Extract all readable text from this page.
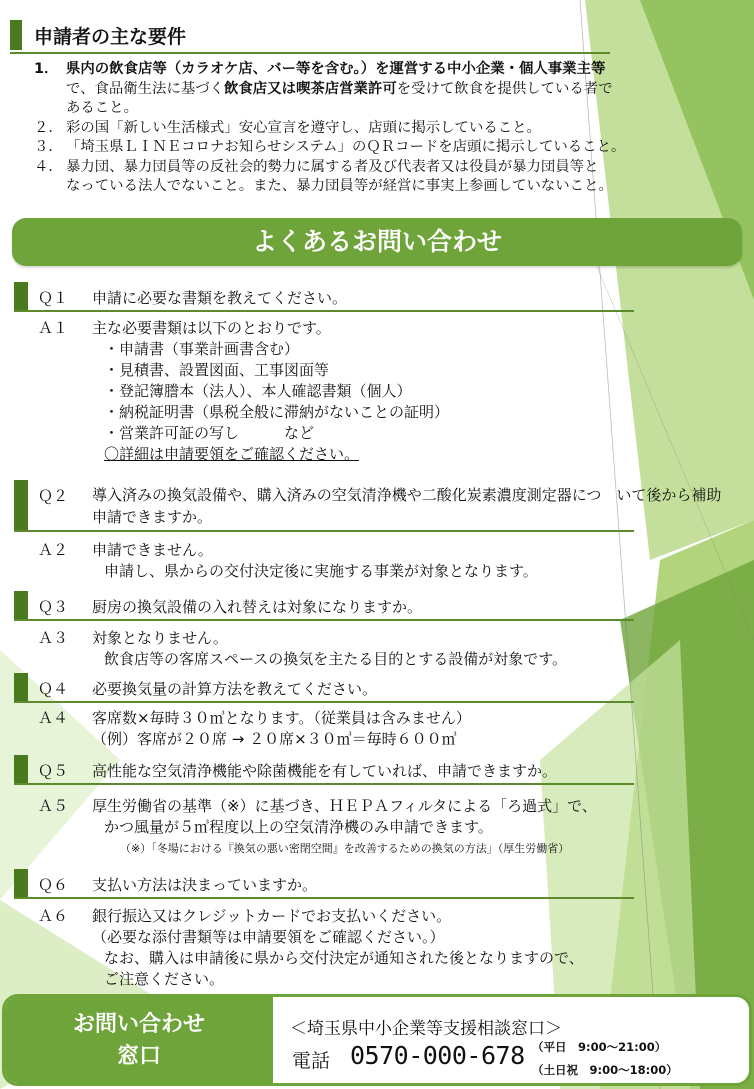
申請者の主な要件
1． 県内の飲食店等（カラオケ店、バー等を含む。）を運営する中小企業・個人事業主等
で、食品衛生法に基づく飲食店又は喫茶店営業許可を受けて飲食を提供している者で
あること。
２． 彩の国「新しい生活様式」安心宣言を遵守し、店頭に掲示していること。
３． 「埼玉県ＬＩＮＥコロナお知らせシステム」のＱＲコードを店頭に掲示していること。
４． 暴力団、暴力団員等の反社会的勢力に属する者及び代表者又は役員が暴力団員等と
なっている法人でないこと。また、暴力団員等が経営に事実上参画していないこと。
よくあるお問い合わせ
Ｑ１	申請に必要な書類を教えてください。
Ａ１	主な必要書類は以下のとおりです。
・申請書（事業計画書含む）
・見積書、設置図面、工事図面等
・登記簿謄本（法人）、本人確認書類（個人）
・納税証明書（県税全般に滞納がないことの証明）
・営業許可証の写し　　　など
〇詳細は申請要領をご確認ください。
Ｑ２	導入済みの換気設備や、購入済みの空気清浄機や二酸化炭素濃度測定器につ　いて後から補助申請できますか。
Ａ２	申請できません。
申請し、県からの交付決定後に実施する事業が対象となります。
Ｑ３	厨房の換気設備の入れ替えは対象になりますか。
Ａ３	対象となりません。
飲食店等の客席スペースの換気を主たる目的とする設備が対象です。
Ｑ４	必要換気量の計算方法を教えてください。
Ａ４	客席数×毎時３０㎥となります。（従業員は含みません）
（例）客席が２０席 → ２０席×３０㎥＝毎時６００㎥
Ｑ５	高性能な空気清浄機能や除菌機能を有していれば、申請できますか。
Ａ５	厚生労働省の基準（※）に基づき、ＨＥＰＡフィルタによる「ろ過式」で、
かつ風量が５㎥程度以上の空気清浄機のみ申請できます。
（※）「冬場における『換気の悪い密閉空間』を改善するための換気の方法」（厚生労働省）
Ｑ６	支払い方法は決まっていますか。
Ａ６	銀行振込又はクレジットカードでお支払いください。
（必要な添付書類等は申請要領をご確認ください。）
なお、購入は申請後に県から交付決定が通知された後となりますので、
ご注意ください。
お問い合わせ
窓口
＜埼玉県中小企業等支援相談窓口＞
電話 0570-000-678 （平日　9:00～21:00）
（土日祝　9:00～18:00）
